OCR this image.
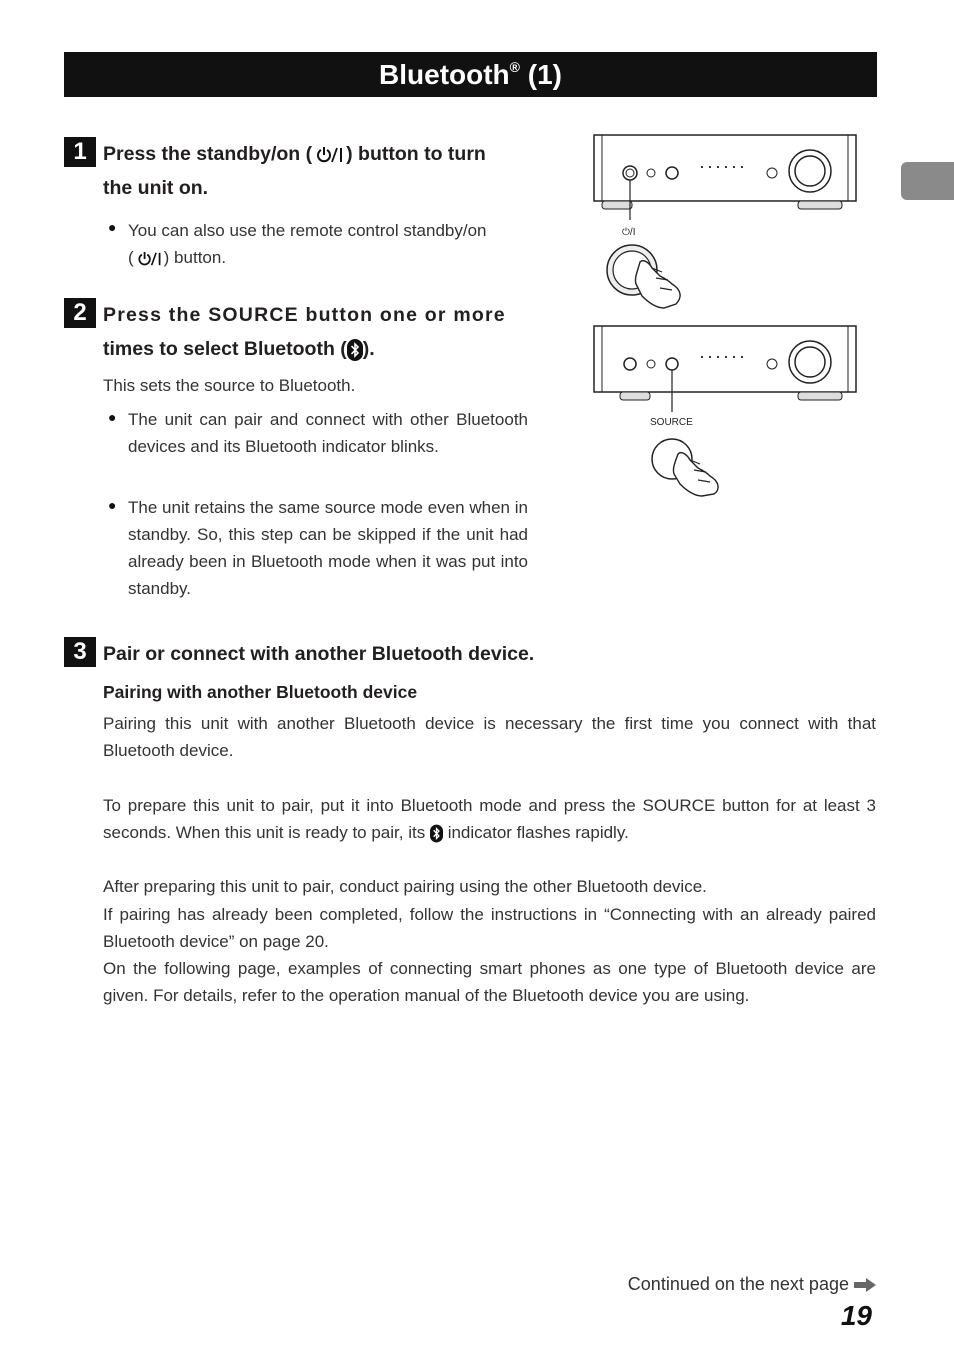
Bluetooth® (1)
1 Press the standby/on ( ) button to turn
the unit on.
● You can also use the remote control standby/on
( ) button.
2 Press the SOURCE button one or more
times to select Bluetooth ( ).
This sets the source to Bluetooth.
● The unit can pair and connect with other Bluetooth devices and its Bluetooth indicator blinks.
● The unit retains the same source mode even when in standby. So, this step can be skipped if the unit had already been in Bluetooth mode when it was put into standby.
⏻/I
SOURCE
3 Pair or connect with another Bluetooth device.
Pairing with another Bluetooth device
Pairing this unit with another Bluetooth device is necessary the first time you connect with that Bluetooth device.
To prepare this unit to pair, put it into Bluetooth mode and press the SOURCE button for at least 3 seconds. When this unit is ready to pair, its indicator flashes rapidly.
After preparing this unit to pair, conduct pairing using the other Bluetooth device.
If pairing has already been completed, follow the instructions in “Connecting with an already paired Bluetooth device” on page 20.
On the following page, examples of connecting smart phones as one type of Bluetooth device are given. For details, refer to the operation manual of the Bluetooth device you are using.
Continued on the next page
19
